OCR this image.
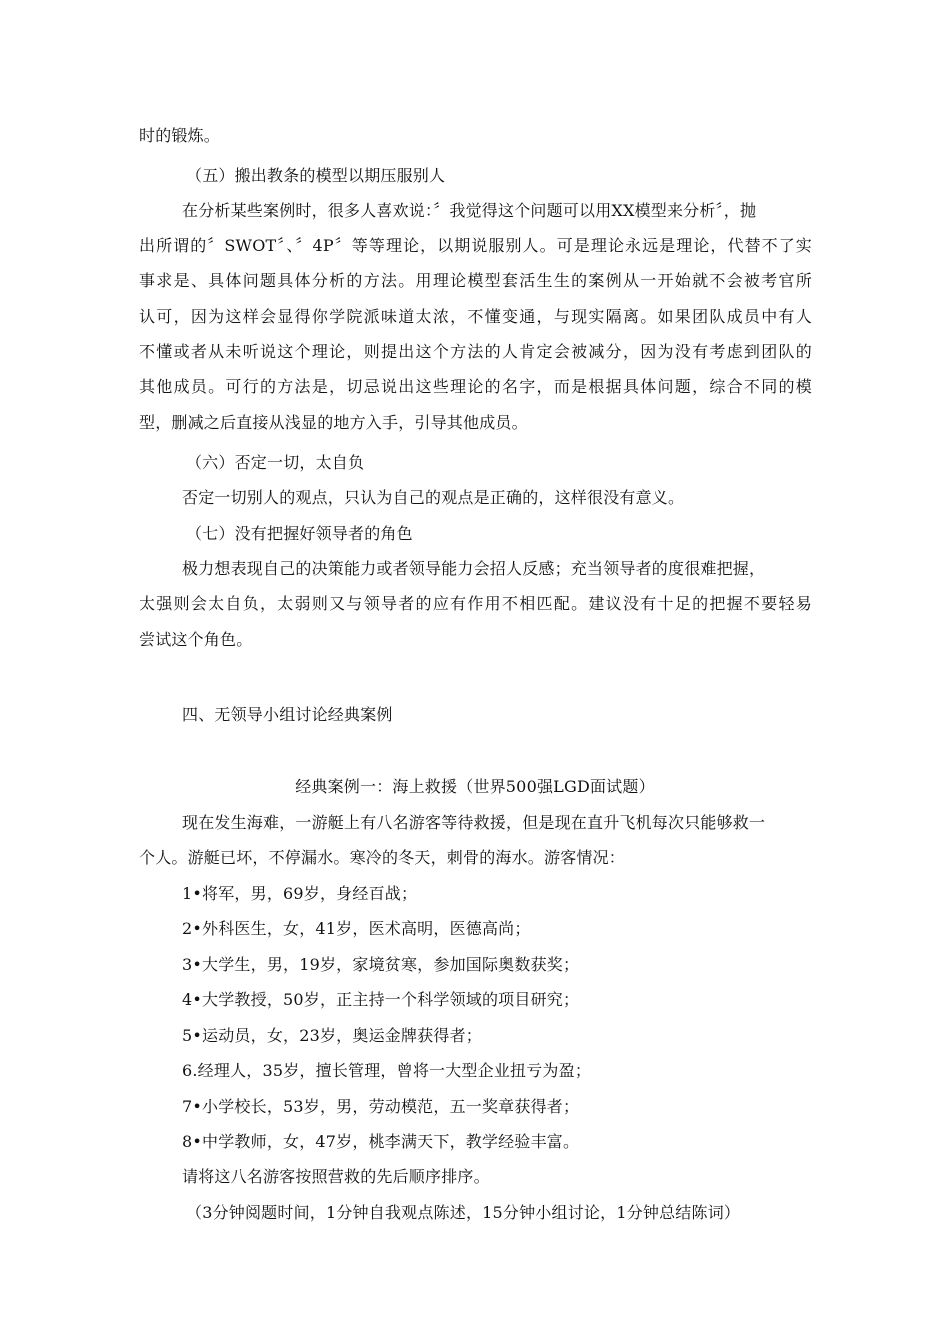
时的锻炼。
（五）搬出教条的模型以期压服别人
在分析某些案例时，很多人喜欢说：〞我觉得这个问题可以用XX模型来分析〞，抛
出所谓的〞SWOT〞、〞4P〞等等理论，以期说服别人。可是理论永远是理论，代替不了实
事求是、具体问题具体分析的方法。用理论模型套活生生的案例从一开始就不会被考官所
认可，因为这样会显得你学院派味道太浓，不懂变通，与现实隔离。如果团队成员中有人
不懂或者从未听说这个理论，则提出这个方法的人肯定会被减分，因为没有考虑到团队的
其他成员。可行的方法是，切忌说出这些理论的名字，而是根据具体问题，综合不同的模
型，删减之后直接从浅显的地方入手，引导其他成员。
（六）否定一切，太自负
否定一切别人的观点，只认为自己的观点是正确的，这样很没有意义。
（七）没有把握好领导者的角色
极力想表现自己的决策能力或者领导能力会招人反感；充当领导者的度很难把握，
太强则会太自负，太弱则又与领导者的应有作用不相匹配。建议没有十足的把握不要轻易
尝试这个角色。
四、无领导小组讨论经典案例
经典案例一：海上救援（世界500强LGD面试题）
现在发生海难，一游艇上有八名游客等待救援，但是现在直升飞机每次只能够救一
个人。游艇已坏，不停漏水。寒冷的冬天，刺骨的海水。游客情况：
1•将军，男，69岁，身经百战；
2•外科医生，女，41岁，医术高明，医德高尚；
3•大学生，男，19岁，家境贫寒，参加国际奥数获奖；
4•大学教授，50岁，正主持一个科学领域的项目研究；
5•运动员，女，23岁，奥运金牌获得者；
6.经理人，35岁，擅长管理，曾将一大型企业扭亏为盈；
7•小学校长，53岁，男，劳动模范，五一奖章获得者；
8•中学教师，女，47岁，桃李满天下，教学经验丰富。
请将这八名游客按照营救的先后顺序排序。
（3分钟阅题时间，1分钟自我观点陈述，15分钟小组讨论，1分钟总结陈词）
